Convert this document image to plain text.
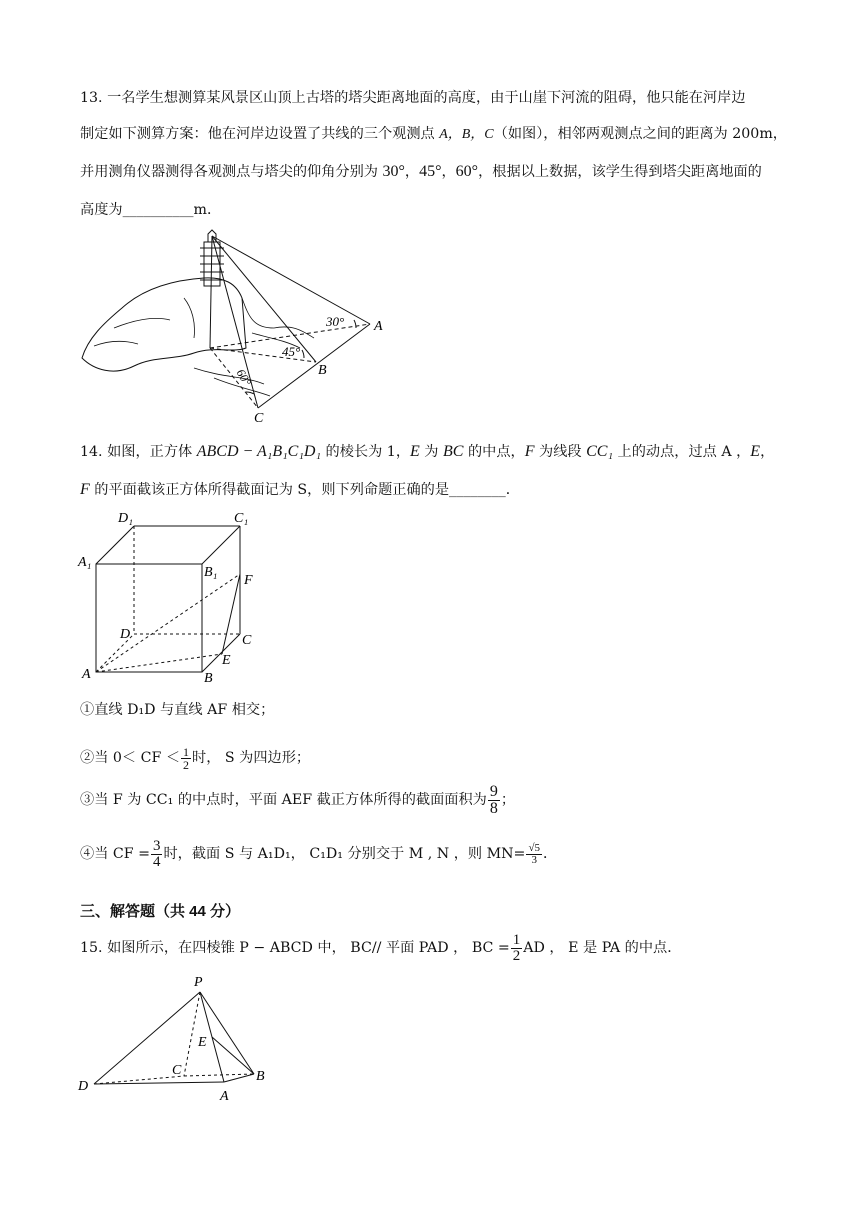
13. 一名学生想测算某风景区山顶上古塔的塔尖距离地面的高度，由于山崖下河流的阻碍，他只能在河岸边
制定如下测算方案：他在河岸边设置了共线的三个观测点 A，B，C（如图），相邻两观测点之间的距离为 200m，
并用测角仪器测得各观测点与塔尖的仰角分别为 30°，45°，60°，根据以上数据，该学生得到塔尖距离地面的
高度为__________m．
30°
45°
60°
A
B
C
14. 如图，正方体 ABCD − A₁B₁C₁D₁ 的棱长为 1，E 为 BC 的中点，F 为线段 CC₁ 上的动点，过点 A ，E，
F 的平面截该正方体所得截面记为 S，则下列命题正确的是________．
D₁	C₁
A₁
B₁
F
D	C
E
A	B
①直线 D₁D 与直线 AF 相交；
②当 0＜ CF ＜ $\frac{1}{2}$ 时， S 为四边形；
③当 F 为 CC₁ 的中点时，平面 AEF 截正方体所得的截面面积为 $\frac{9}{8}$ ；
④当 CF = $\frac{3}{4}$ 时，截面 S 与 A₁D₁， C₁D₁ 分别交于 M , N ，则 $MN= \frac{√5}{3}$ ．
三、解答题（共 44 分）
15. 如图所示，在四棱锥 P − ABCD 中， BC// 平面 PAD ， BC = $\frac{1}{2}$ AD ， E 是 PA 的中点．
P
E
C	B
D
A
